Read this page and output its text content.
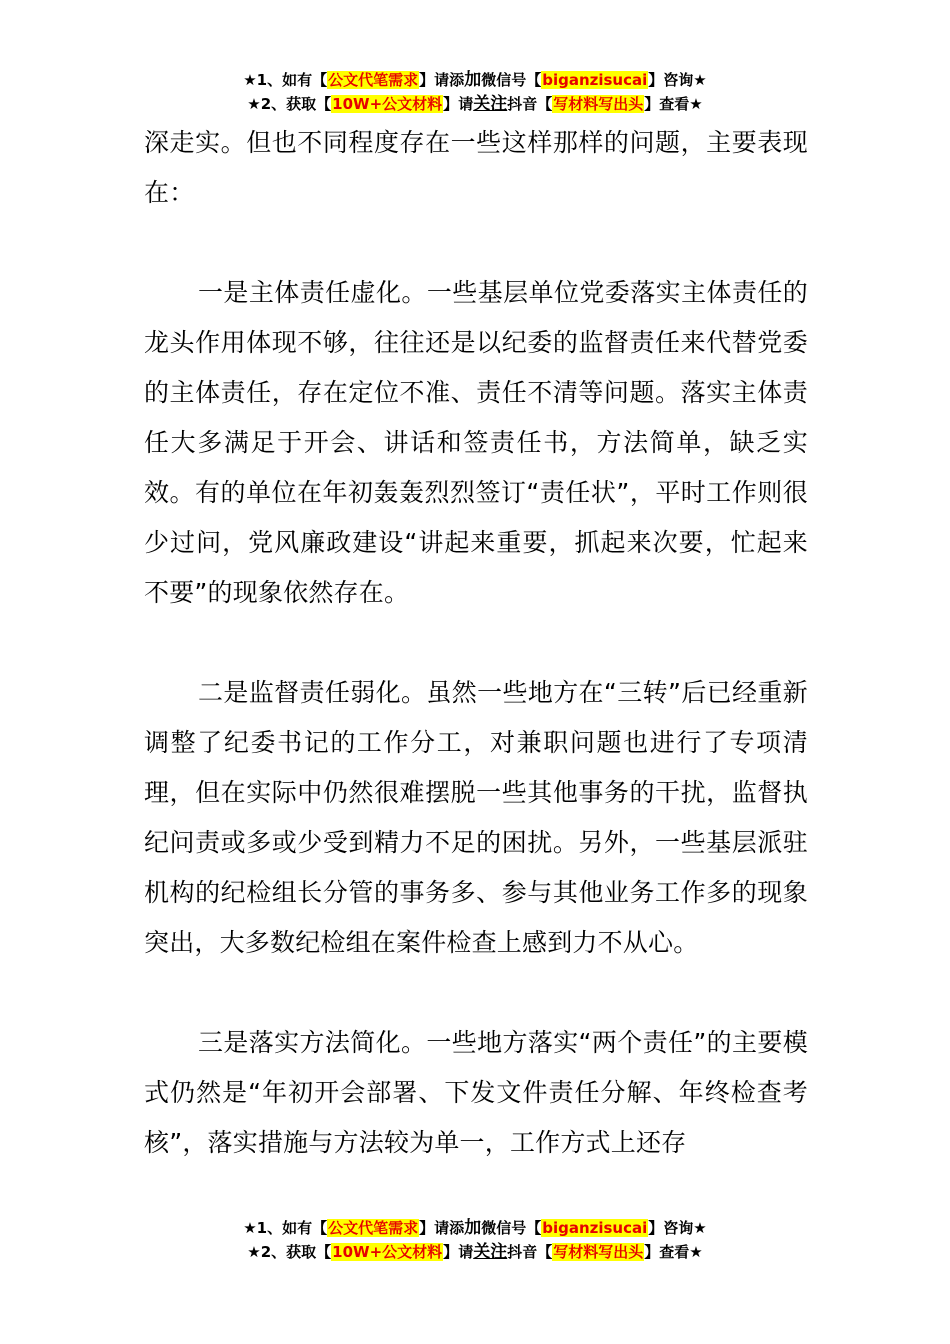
★1、如有【公文代笔需求】请添加微信号【biganzisucai】咨询★
★2、获取【10W+公文材料】请关注抖音【写材料写出头】查看★

深走实。但也不同程度存在一些这样那样的问题，主要表现在：

一是主体责任虚化。一些基层单位党委落实主体责任的龙头作用体现不够，往往还是以纪委的监督责任来代替党委的主体责任，存在定位不准、责任不清等问题。落实主体责任大多满足于开会、讲话和签责任书，方法简单，缺乏实效。有的单位在年初轰轰烈烈签订“责任状”，平时工作则很少过问，党风廉政建设“讲起来重要，抓起来次要，忙起来不要”的现象依然存在。

二是监督责任弱化。虽然一些地方在“三转”后已经重新调整了纪委书记的工作分工，对兼职问题也进行了专项清理，但在实际中仍然很难摆脱一些其他事务的干扰，监督执纪问责或多或少受到精力不足的困扰。另外，一些基层派驻机构的纪检组长分管的事务多、参与其他业务工作多的现象突出，大多数纪检组在案件检查上感到力不从心。

三是落实方法简化。一些地方落实“两个责任”的主要模式仍然是“年初开会部署、下发文件责任分解、年终检查考核”，落实措施与方法较为单一，工作方式上还存

★1、如有【公文代笔需求】请添加微信号【biganzisucai】咨询★
★2、获取【10W+公文材料】请关注抖音【写材料写出头】查看★
